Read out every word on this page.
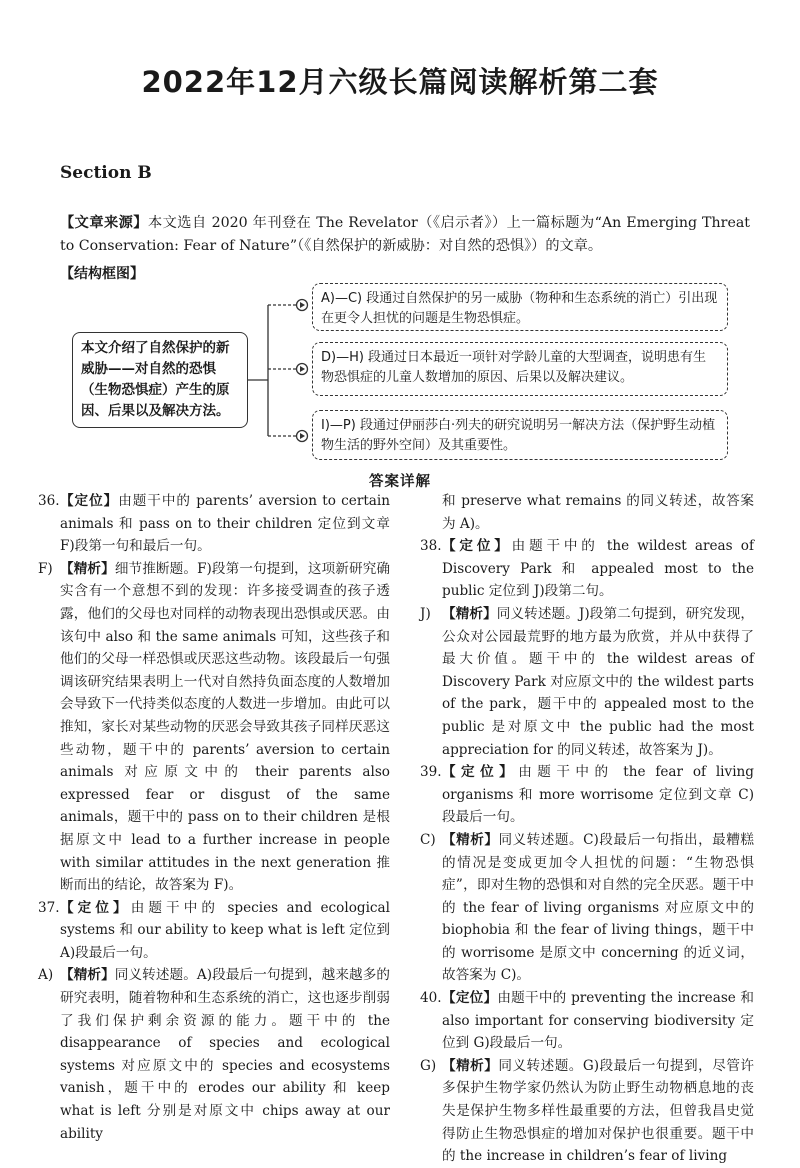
2022年12月六级长篇阅读解析第二套
Section B
【文章来源】本文选自 2020 年刊登在 The Revelator（《启示者》）上一篇标题为“An Emerging Threat to Conservation: Fear of Nature”（《自然保护的新威胁：对自然的恐惧》）的文章。
【结构框图】
本文介绍了自然保护的新威胁——对自然的恐惧（生物恐惧症）产生的原因、后果以及解决方法。
A)—C) 段通过自然保护的另一威胁（物种和生态系统的消亡）引出现在更令人担忧的问题是生物恐惧症。
D)—H) 段通过日本最近一项针对学龄儿童的大型调查，说明患有生物恐惧症的儿童人数增加的原因、后果以及解决建议。
I)—P) 段通过伊丽莎白·列夫的研究说明另一解决方法（保护野生动植物生活的野外空间）及其重要性。
答案详解
36. 【定位】由题干中的 parents’ aversion to certain animals 和 pass on to their children 定位到文章 F)段第一句和最后一句。
F) 【精析】细节推断题。F)段第一句提到，这项新研究确实含有一个意想不到的发现：许多接受调查的孩子透露，他们的父母也对同样的动物表现出恐惧或厌恶。由该句中 also 和 the same animals 可知，这些孩子和他们的父母一样恐惧或厌恶这些动物。该段最后一句强调该研究结果表明上一代对自然持负面态度的人数增加会导致下一代持类似态度的人数进一步增加。由此可以推知，家长对某些动物的厌恶会导致其孩子同样厌恶这些动物，题干中的 parents’ aversion to certain animals 对应原文中的 their parents also expressed fear or disgust of the same animals，题干中的 pass on to their children 是根据原文中 lead to a further increase in people with similar attitudes in the next generation 推断而出的结论，故答案为 F)。
37. 【定位】由题干中的 species and ecological systems 和 our ability to keep what is left 定位到 A)段最后一句。
A) 【精析】同义转述题。A)段最后一句提到，越来越多的研究表明，随着物种和生态系统的消亡，这也逐步削弱了我们保护剩余资源的能力。题干中的 the disappearance of species and ecological systems 对应原文中的 species and ecosystems vanish，题干中的 erodes our ability 和 keep what is left 分别是对原文中 chips away at our ability
和 preserve what remains 的同义转述，故答案为 A)。
38. 【定位】由题干中的 the wildest areas of Discovery Park 和 appealed most to the public 定位到 J)段第二句。
J) 【精析】同义转述题。J)段第二句提到，研究发现，公众对公园最荒野的地方最为欣赏，并从中获得了最大价值。题干中的 the wildest areas of Discovery Park 对应原文中的 the wildest parts of the park，题干中的 appealed most to the public 是对原文中 the public had the most appreciation for 的同义转述，故答案为 J)。
39. 【定位】由题干中的 the fear of living organisms 和 more worrisome 定位到文章 C)段最后一句。
C) 【精析】同义转述题。C)段最后一句指出，最糟糕的情况是变成更加令人担忧的问题：“生物恐惧症”，即对生物的恐惧和对自然的完全厌恶。题干中的 the fear of living organisms 对应原文中的 biophobia 和 the fear of living things，题干中的 worrisome 是原文中 concerning 的近义词，故答案为 C)。
40. 【定位】由题干中的 preventing the increase 和 also important for conserving biodiversity 定位到 G)段最后一句。
G) 【精析】同义转述题。G)段最后一句提到，尽管许多保护生物学家仍然认为防止野生动物栖息地的丧失是保护生物多样性最重要的方法，但曾我昌史觉得防止生物恐惧症的增加对保护也很重要。题干中的 the increase in children’s fear of living
